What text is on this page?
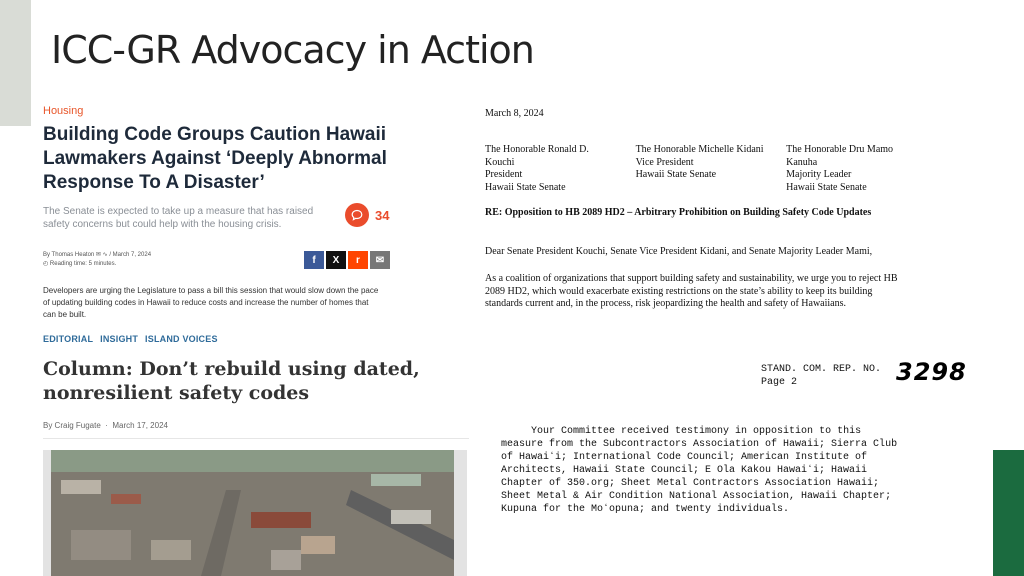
ICC-GR Advocacy in Action
Housing
Building Code Groups Caution Hawaii Lawmakers Against ‘Deeply Abnormal Response To A Disaster’
The Senate is expected to take up a measure that has raised safety concerns but could help with the housing crisis.
34
By Thomas Heaton ✉ ∿ / March 7, 2024
◴ Reading time: 5 minutes.	f	X	r	✉
Developers are urging the Legislature to pass a bill this session that would slow down the pace of updating building codes in Hawaii to reduce costs and increase the number of homes that can be built.
EDITORIAL INSIGHT ISLAND VOICES
Column: Don’t rebuild using dated, nonresilient safety codes
By Craig Fugate · March 17, 2024
March 8, 2024
The Honorable Ronald D.
Kouchi
President
Hawaii State Senate
The Honorable Michelle Kidani
Vice President
Hawaii State Senate
The Honorable Dru Mamo
Kanuha
Majority Leader
Hawaii State Senate
RE: Opposition to HB 2089 HD2 – Arbitrary Prohibition on Building Safety Code Updates
Dear Senate President Kouchi, Senate Vice President Kidani, and Senate Majority Leader Mami,
As a coalition of organizations that support building safety and sustainability, we urge you to reject HB 2089 HD2, which would exacerbate existing restrictions on the state’s ability to keep its building standards current and, in the process, risk jeopardizing the health and safety of Hawaiians.
STAND. COM. REP. NO.
Page 2	3298
Your Committee received testimony in opposition to this
measure from the Subcontractors Association of Hawaii; Sierra Club
of Hawaiʻi; International Code Council; American Institute of
Architects, Hawaii State Council; E Ola Kakou Hawaiʻi; Hawaii
Chapter of 350.org; Sheet Metal Contractors Association Hawaii;
Sheet Metal & Air Condition National Association, Hawaii Chapter;
Kupuna for the Moʻopuna; and twenty individuals.
